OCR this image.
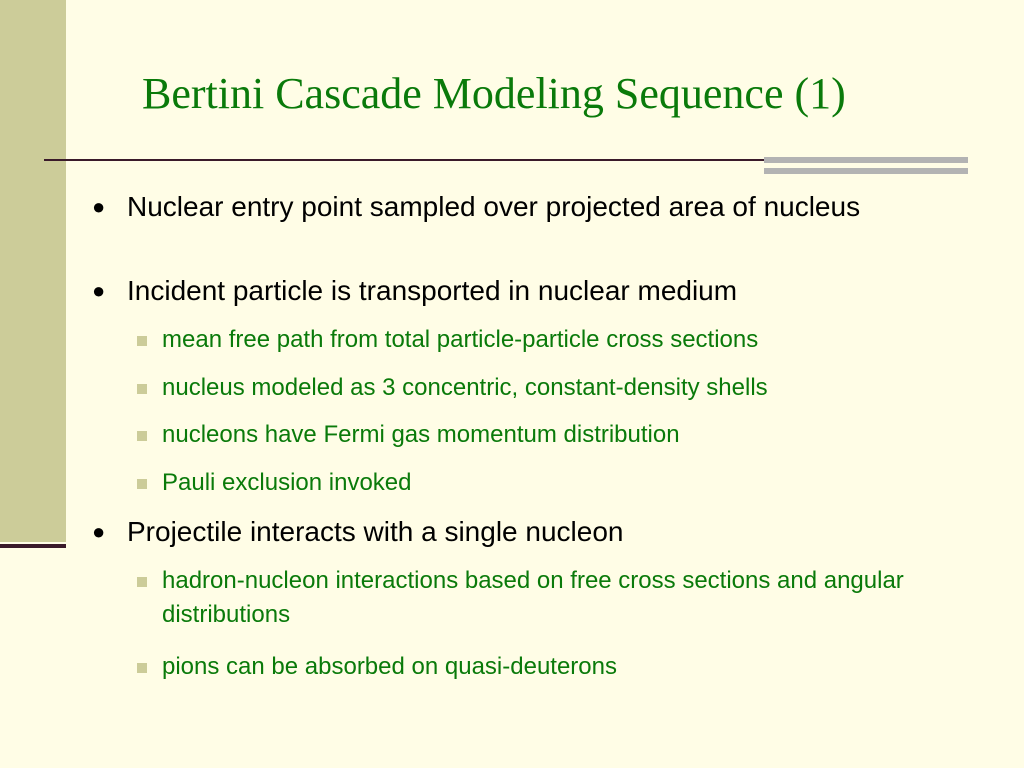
Bertini Cascade Modeling Sequence (1)
● Nuclear entry point sampled over projected area of nucleus
● Incident particle is transported in nuclear medium
mean free path from total particle-particle cross sections
nucleus modeled as 3 concentric, constant-density shells
nucleons have Fermi gas momentum distribution
Pauli exclusion invoked
● Projectile interacts with a single nucleon
hadron-nucleon interactions based on free cross sections and angular distributions
pions can be absorbed on quasi-deuterons
